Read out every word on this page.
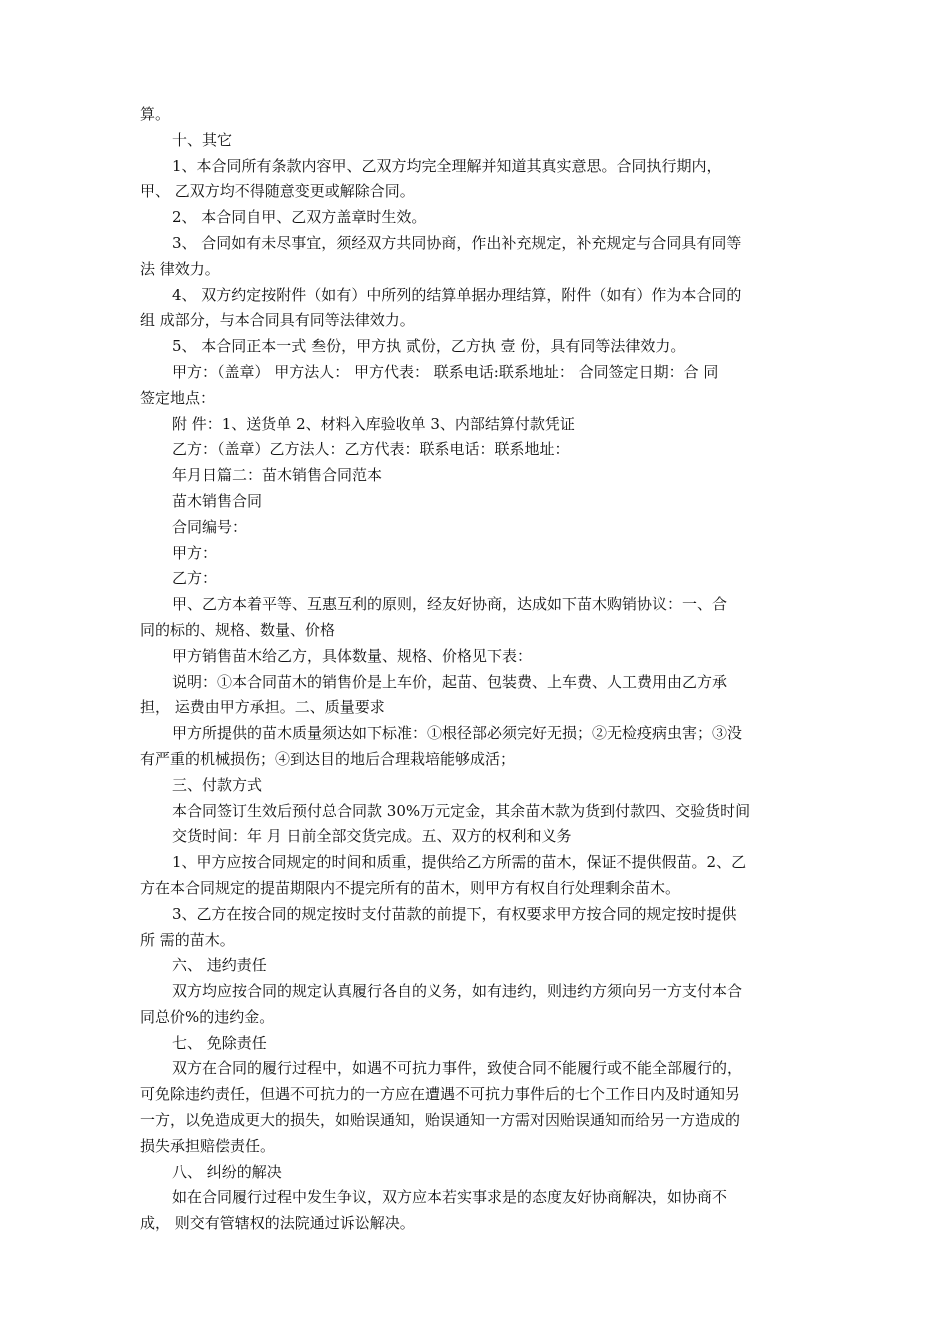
算。

十、其它

1、本合同所有条款内容甲、乙双方均完全理解并知道其真实意思。合同执行期内，

甲、 乙双方均不得随意变更或解除合同。

2、 本合同自甲、乙双方盖章时生效。

3、 合同如有未尽事宜，须经双方共同协商，作出补充规定，补充规定与合同具有同等

法 律效力。

4、 双方约定按附件（如有）中所列的结算单据办理结算，附件（如有）作为本合同的

组 成部分，与本合同具有同等法律效力。

5、 本合同正本一式 叁份，甲方执 贰份，乙方执 壹 份，具有同等法律效力。

甲方：（盖章） 甲方法人： 甲方代表： 联系电话:联系地址： 合同签定日期：合 同

签定地点：

附 件：1、送货单 2、材料入库验收单 3、内部结算付款凭证

乙方：（盖章）乙方法人：乙方代表：联系电话：联系地址：

年月日篇二：苗木销售合同范本

苗木销售合同

合同编号：

甲方：

乙方：

甲、乙方本着平等、互惠互利的原则，经友好协商，达成如下苗木购销协议：一、合

同的标的、规格、数量、价格

甲方销售苗木给乙方，具体数量、规格、价格见下表：

说明：①本合同苗木的销售价是上车价，起苗、包装费、上车费、人工费用由乙方承

担， 运费由甲方承担。二、质量要求

甲方所提供的苗木质量须达如下标准：①根径部必须完好无损；②无检疫病虫害；③没

有严重的机械损伤；④到达目的地后合理栽培能够成活；

三、付款方式

本合同签订生效后预付总合同款 30%万元定金，其余苗木款为货到付款四、交验货时间

交货时间：年 月 日前全部交货完成。五、双方的权利和义务

1、甲方应按合同规定的时间和质重，提供给乙方所需的苗木，保证不提供假苗。2、乙

方在本合同规定的提苗期限内不提完所有的苗木，则甲方有权自行处理剩余苗木。

3、乙方在按合同的规定按时支付苗款的前提下，有权要求甲方按合同的规定按时提供

所 需的苗木。

六、 违约责任

双方均应按合同的规定认真履行各自的义务，如有违约，则违约方须向另一方支付本合

同总价%的违约金。

七、 免除责任

双方在合同的履行过程中，如遇不可抗力事件，致使合同不能履行或不能全部履行的，

可免除违约责任，但遇不可抗力的一方应在遭遇不可抗力事件后的七个工作日内及时通知另

一方，以免造成更大的损失，如贻误通知，贻误通知一方需对因贻误通知而给另一方造成的

损失承担赔偿责任。

八、 纠纷的解决

如在合同履行过程中发生争议，双方应本若实事求是的态度友好协商解决，如协商不

成， 则交有管辖权的法院通过诉讼解决。
